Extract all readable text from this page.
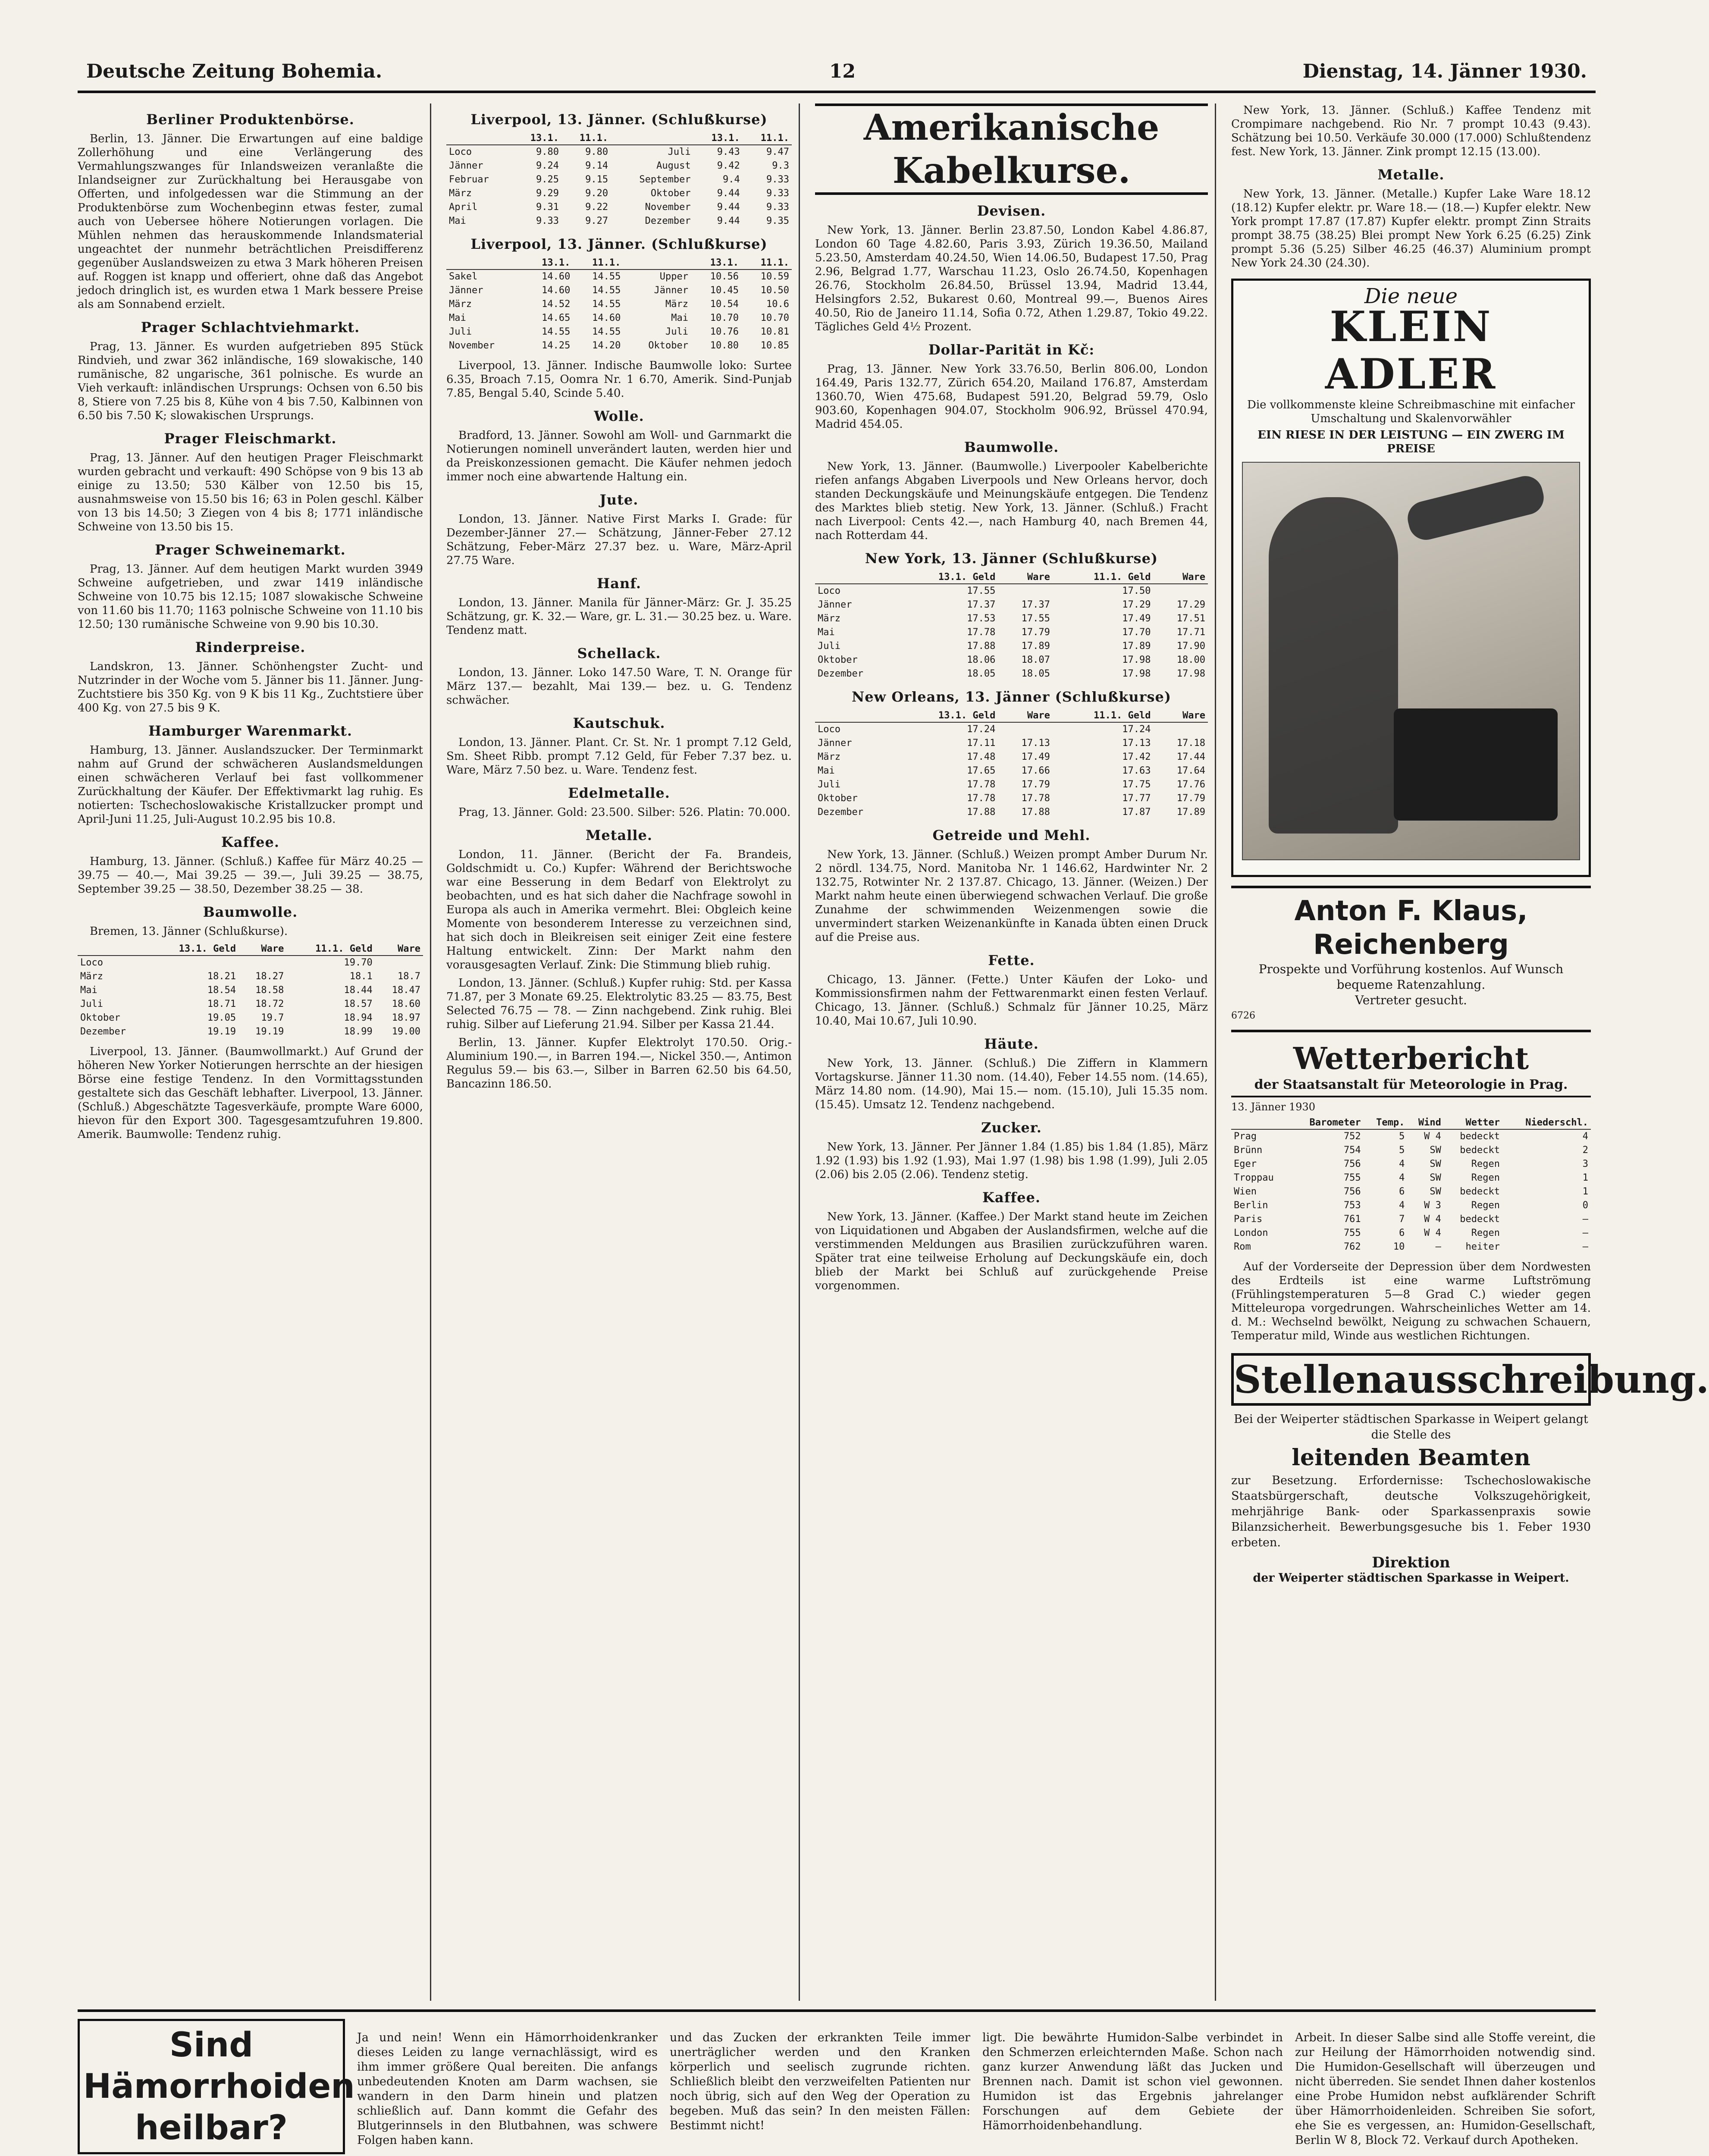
Deutsche Zeitung Bohemia.	12	Dienstag, 14. Jänner 1930.
Berliner Produktenbörse.

Berlin, 13. Jänner. Die Erwartungen auf eine baldige Zollerhöhung und eine Verlängerung des Vermahlungszwanges für Inlandsweizen veranlaßte die Inlandseigner zur Zurückhaltung bei Herausgabe von Offerten, und infolgedessen war die Stimmung an der Produktenbörse zum Wochenbeginn etwas fester, zumal auch von Uebersee höhere Notierungen vorlagen. Die Mühlen nehmen das herauskommende Inlandsmaterial ungeachtet der nunmehr beträchtlichen Preisdifferenz gegenüber Auslandsweizen zu etwa 3 Mark höheren Preisen auf. Roggen ist knapp und offeriert, ohne daß das Angebot jedoch dringlich ist, es wurden etwa 1 Mark bessere Preise als am Sonnabend erzielt.

Prager Schlachtviehmarkt.

Prag, 13. Jänner. Es wurden aufgetrieben 895 Stück Rindvieh, und zwar 362 inländische, 169 slowakische, 140 rumänische, 82 ungarische, 361 polnische. Es wurde an Vieh verkauft: inländischen Ursprungs: Ochsen von 6.50 bis 8, Stiere von 7.25 bis 8, Kühe von 4 bis 7.50, Kalbinnen von 6.50 bis 7.50 K; slowakischen Ursprungs.

Prager Fleischmarkt.

Prag, 13. Jänner. Auf den heutigen Prager Fleischmarkt wurden gebracht und verkauft: 490 Schöpse von 9 bis 13 ab einige zu 13.50; 530 Kälber von 12.50 bis 15, ausnahmsweise von 15.50 bis 16; 63 in Polen geschl. Kälber von 13 bis 14.50; 3 Ziegen von 4 bis 8; 1771 inländische Schweine von 13.50 bis 15.

Prager Schweinemarkt.

Prag, 13. Jänner. Auf dem heutigen Markt wurden 3949 Schweine aufgetrieben, und zwar 1419 inländische Schweine von 10.75 bis 12.15; 1087 slowakische Schweine von 11.60 bis 11.70; 1163 polnische Schweine von 11.10 bis 12.50; 130 rumänische Schweine von 9.90 bis 10.30.

Rinderpreise.

Landskron, 13. Jänner. Schönhengster Zucht- und Nutzrinder in der Woche vom 5. Jänner bis 11. Jänner. Jung-Zuchtstiere bis 350 Kg. von 9 K bis 11 Kg., Zuchtstiere über 400 Kg. von 27.5 bis 9 K.

Hamburger Warenmarkt.

Hamburg, 13. Jänner. Auslandszucker. Der Terminmarkt nahm auf Grund der schwächeren Auslandsmeldungen einen schwächeren Verlauf bei fast vollkommener Zurückhaltung der Käufer. Der Effektivmarkt lag ruhig. Es notierten: Tschechoslowakische Kristallzucker prompt und April-Juni 11.25, Juli-August 10.2.95 bis 10.8.

Kaffee.

Hamburg, 13. Jänner. (Schluß.) Kaffee für März 40.25 — 39.75 — 40.—, Mai 39.25 — 39.—, Juli 39.25 — 38.75, September 39.25 — 38.50, Dezember 38.25 — 38.

Baumwolle.

Bremen, 13. Jänner (Schlußkurse).

	13.1. Geld	Ware	11.1. Geld	Ware
Loco			19.70	
März	18.21	18.27	18.1	18.7
Mai	18.54	18.58	18.44	18.47
Juli	18.71	18.72	18.57	18.60
Oktober	19.05	19.7	18.94	18.97
Dezember	19.19	19.19	18.99	19.00

Liverpool, 13. Jänner. (Baumwollmarkt.) Auf Grund der höheren New Yorker Notierungen herrschte an der hiesigen Börse eine festige Tendenz. In den Vormittagsstunden gestaltete sich das Geschäft lebhafter. Liverpool, 13. Jänner. (Schluß.) Abgeschätzte Tagesverkäufe, prompte Ware 6000, hievon für den Export 300. Tagesgesamtzufuhren 19.800. Amerik. Baumwolle: Tendenz ruhig.

Liverpool, 13. Jänner. (Schlußkurse)
	13.1.	11.1.		13.1.	11.1.
Loco	9.80	9.80	Juli	9.43	9.47
Jänner	9.24	9.14	August	9.42	9.3
Februar	9.25	9.15	September	9.4	9.33
März	9.29	9.20	Oktober	9.44	9.33
April	9.31	9.22	November	9.44	9.33
Mai	9.33	9.27	Dezember	9.44	9.35
Liverpool, 13. Jänner. (Schlußkurse)
	13.1.	11.1.		13.1.	11.1.
Sakel	14.60	14.55	Upper	10.56	10.59
Jänner	14.60	14.55	Jänner	10.45	10.50
März	14.52	14.55	März	10.54	10.6
Mai	14.65	14.60	Mai	10.70	10.70
Juli	14.55	14.55	Juli	10.76	10.81
November	14.25	14.20	Oktober	10.80	10.85

Liverpool, 13. Jänner. Indische Baumwolle loko: Surtee 6.35, Broach 7.15, Oomra Nr. 1 6.70, Amerik. Sind-Punjab 7.85, Bengal 5.40, Scinde 5.40.

Wolle.

Bradford, 13. Jänner. Sowohl am Woll- und Garnmarkt die Notierungen nominell unverändert lauten, werden hier und da Preiskonzessionen gemacht. Die Käufer nehmen jedoch immer noch eine abwartende Haltung ein.

Jute.

London, 13. Jänner. Native First Marks I. Grade: für Dezember-Jänner 27.— Schätzung, Jänner-Feber 27.12 Schätzung, Feber-März 27.37 bez. u. Ware, März-April 27.75 Ware.

Hanf.

London, 13. Jänner. Manila für Jänner-März: Gr. J. 35.25 Schätzung, gr. K. 32.— Ware, gr. L. 31.— 30.25 bez. u. Ware. Tendenz matt.

Schellack.

London, 13. Jänner. Loko 147.50 Ware, T. N. Orange für März 137.— bezahlt, Mai 139.— bez. u. G. Tendenz schwächer.

Kautschuk.

London, 13. Jänner. Plant. Cr. St. Nr. 1 prompt 7.12 Geld, Sm. Sheet Ribb. prompt 7.12 Geld, für Feber 7.37 bez. u. Ware, März 7.50 bez. u. Ware. Tendenz fest.

Edelmetalle.

Prag, 13. Jänner. Gold: 23.500. Silber: 526. Platin: 70.000.

Metalle.

London, 11. Jänner. (Bericht der Fa. Brandeis, Goldschmidt u. Co.) Kupfer: Während der Berichtswoche war eine Besserung in dem Bedarf von Elektrolyt zu beobachten, und es hat sich daher die Nachfrage sowohl in Europa als auch in Amerika vermehrt. Blei: Obgleich keine Momente von besonderem Interesse zu verzeichnen sind, hat sich doch in Bleikreisen seit einiger Zeit eine festere Haltung entwickelt. Zinn: Der Markt nahm den vorausgesagten Verlauf. Zink: Die Stimmung blieb ruhig.

London, 13. Jänner. (Schluß.) Kupfer ruhig: Std. per Kassa 71.87, per 3 Monate 69.25. Elektrolytic 83.25 — 83.75, Best Selected 76.75 — 78. — Zinn nachgebend. Zink ruhig. Blei ruhig. Silber auf Lieferung 21.94. Silber per Kassa 21.44.

Berlin, 13. Jänner. Kupfer Elektrolyt 170.50. Orig.-Aluminium 190.—, in Barren 194.—, Nickel 350.—, Antimon Regulus 59.— bis 63.—, Silber in Barren 62.50 bis 64.50, Bancazinn 186.50.

Amerikanische Kabelkurse.
Devisen.

New York, 13. Jänner. Berlin 23.87.50, London Kabel 4.86.87, London 60 Tage 4.82.60, Paris 3.93, Zürich 19.36.50, Mailand 5.23.50, Amsterdam 40.24.50, Wien 14.06.50, Budapest 17.50, Prag 2.96, Belgrad 1.77, Warschau 11.23, Oslo 26.74.50, Kopenhagen 26.76, Stockholm 26.84.50, Brüssel 13.94, Madrid 13.44, Helsingfors 2.52, Bukarest 0.60, Montreal 99.—, Buenos Aires 40.50, Rio de Janeiro 11.14, Sofia 0.72, Athen 1.29.87, Tokio 49.22. Tägliches Geld 4½ Prozent.

Dollar-Parität in Kč:

Prag, 13. Jänner. New York 33.76.50, Berlin 806.00, London 164.49, Paris 132.77, Zürich 654.20, Mailand 176.87, Amsterdam 1360.70, Wien 475.68, Budapest 591.20, Belgrad 59.79, Oslo 903.60, Kopenhagen 904.07, Stockholm 906.92, Brüssel 470.94, Madrid 454.05.

Baumwolle.

New York, 13. Jänner. (Baumwolle.) Liverpooler Kabelberichte riefen anfangs Abgaben Liverpools und New Orleans hervor, doch standen Deckungskäufe und Meinungskäufe entgegen. Die Tendenz des Marktes blieb stetig. New York, 13. Jänner. (Schluß.) Fracht nach Liverpool: Cents 42.—, nach Hamburg 40, nach Bremen 44, nach Rotterdam 44.

New York, 13. Jänner (Schlußkurse)
	13.1. Geld	Ware	11.1. Geld	Ware
Loco	17.55		17.50	
Jänner	17.37	17.37	17.29	17.29
März	17.53	17.55	17.49	17.51
Mai	17.78	17.79	17.70	17.71
Juli	17.88	17.89	17.89	17.90
Oktober	18.06	18.07	17.98	18.00
Dezember	18.05	18.05	17.98	17.98
New Orleans, 13. Jänner (Schlußkurse)
	13.1. Geld	Ware	11.1. Geld	Ware
Loco	17.24		17.24	
Jänner	17.11	17.13	17.13	17.18
März	17.48	17.49	17.42	17.44
Mai	17.65	17.66	17.63	17.64
Juli	17.78	17.79	17.75	17.76
Oktober	17.78	17.78	17.77	17.79
Dezember	17.88	17.88	17.87	17.89
Getreide und Mehl.

New York, 13. Jänner. (Schluß.) Weizen prompt Amber Durum Nr. 2 nördl. 134.75, Nord. Manitoba Nr. 1 146.62, Hardwinter Nr. 2 132.75, Rotwinter Nr. 2 137.87. Chicago, 13. Jänner. (Weizen.) Der Markt nahm heute einen überwiegend schwachen Verlauf. Die große Zunahme der schwimmenden Weizenmengen sowie die unvermindert starken Weizenankünfte in Kanada übten einen Druck auf die Preise aus.

Fette.

Chicago, 13. Jänner. (Fette.) Unter Käufen der Loko- und Kommissionsfirmen nahm der Fettwarenmarkt einen festen Verlauf. Chicago, 13. Jänner. (Schluß.) Schmalz für Jänner 10.25, März 10.40, Mai 10.67, Juli 10.90.

Häute.

New York, 13. Jänner. (Schluß.) Die Ziffern in Klammern Vortagskurse. Jänner 11.30 nom. (14.40), Feber 14.55 nom. (14.65), März 14.80 nom. (14.90), Mai 15.— nom. (15.10), Juli 15.35 nom. (15.45). Umsatz 12. Tendenz nachgebend.

Zucker.

New York, 13. Jänner. Per Jänner 1.84 (1.85) bis 1.84 (1.85), März 1.92 (1.93) bis 1.92 (1.93), Mai 1.97 (1.98) bis 1.98 (1.99), Juli 2.05 (2.06) bis 2.05 (2.06). Tendenz stetig.

Kaffee.

New York, 13. Jänner. (Kaffee.) Der Markt stand heute im Zeichen von Liquidationen und Abgaben der Auslandsfirmen, welche auf die verstimmenden Meldungen aus Brasilien zurückzuführen waren. Später trat eine teilweise Erholung auf Deckungskäufe ein, doch blieb der Markt bei Schluß auf zurückgehende Preise vorgenommen.

New York, 13. Jänner. (Schluß.) Kaffee Tendenz mit Crompimare nachgebend. Rio Nr. 7 prompt 10.43 (9.43). Schätzung bei 10.50. Verkäufe 30.000 (17.000) Schlußtendenz fest. New York, 13. Jänner. Zink prompt 12.15 (13.00).

Metalle.

New York, 13. Jänner. (Metalle.) Kupfer Lake Ware 18.12 (18.12) Kupfer elektr. pr. Ware 18.— (18.—) Kupfer elektr. New York prompt 17.87 (17.87) Kupfer elektr. prompt Zinn Straits prompt 38.75 (38.25) Blei prompt New York 6.25 (6.25) Zink prompt 5.36 (5.25) Silber 46.25 (46.37) Aluminium prompt New York 24.30 (24.30).

Die neue
KLEIN ADLER
Die vollkommenste kleine Schreibmaschine mit einfacher Umschaltung und Skalenvorwähler
EIN RIESE IN DER LEISTUNG — EIN ZWERG IM PREISE
Anton F. Klaus, Reichenberg
Prospekte und Vorführung kostenlos. Auf Wunsch bequeme Ratenzahlung.
Vertreter gesucht.
6726
Wetterbericht
der Staatsanstalt für Meteorologie in Prag.
13. Jänner 1930
	Barometer	Temp.	Wind	Wetter	Niederschl.
Prag	752	5	W 4	bedeckt	4
Brünn	754	5	SW	bedeckt	2
Eger	756	4	SW	Regen	3
Troppau	755	4	SW	Regen	1
Wien	756	6	SW	bedeckt	1
Berlin	753	4	W 3	Regen	0
Paris	761	7	W 4	bedeckt	—
London	755	6	W 4	Regen	—
Rom	762	10	—	heiter	—

Auf der Vorderseite der Depression über dem Nordwesten des Erdteils ist eine warme Luftströmung (Frühlingstemperaturen 5—8 Grad C.) wieder gegen Mitteleuropa vorgedrungen. Wahrscheinliches Wetter am 14. d. M.: Wechselnd bewölkt, Neigung zu schwachen Schauern, Temperatur mild, Winde aus westlichen Richtungen.

Stellenausschreibung.
Bei der Weiperter städtischen Sparkasse in Weipert gelangt die Stelle des
leitenden Beamten
zur Besetzung. Erfordernisse: Tschechoslowakische Staatsbürgerschaft, deutsche Volkszugehörigkeit, mehrjährige Bank- oder Sparkassenpraxis sowie Bilanzsicherheit. Bewerbungsgesuche bis 1. Feber 1930 erbeten.
Direktion
der Weiperter städtischen Sparkasse in Weipert.
Sind Hämorrhoiden heilbar?

Ja und nein! Wenn ein Hämorrhoidenkranker dieses Leiden zu lange vernachlässigt, wird es ihm immer größere Qual bereiten. Die anfangs unbedeutenden Knoten am Darm wachsen, sie wandern in den Darm hinein und platzen schließlich auf. Dann kommt die Gefahr des Blutgerinnsels in den Blutbahnen, was schwere Folgen haben kann.

und das Zucken der erkrankten Teile immer unerträglicher werden und den Kranken körperlich und seelisch zugrunde richten. Schließlich bleibt den verzweifelten Patienten nur noch übrig, sich auf den Weg der Operation zu begeben. Muß das sein? In den meisten Fällen: Bestimmt nicht!

ligt. Die bewährte Humidon-Salbe verbindet in den Schmerzen erleichternden Maße. Schon nach ganz kurzer Anwendung läßt das Jucken und Brennen nach. Damit ist schon viel gewonnen. Humidon ist das Ergebnis jahrelanger Forschungen auf dem Gebiete der Hämorrhoidenbehandlung.

Arbeit. In dieser Salbe sind alle Stoffe vereint, die zur Heilung der Hämorrhoiden notwendig sind. Die Humidon-Gesellschaft will überzeugen und nicht überreden. Sie sendet Ihnen daher kostenlos eine Probe Humidon nebst aufklärender Schrift über Hämorrhoidenleiden. Schreiben Sie sofort, ehe Sie es vergessen, an: Humidon-Gesellschaft, Berlin W 8, Block 72. Verkauf durch Apotheken.
